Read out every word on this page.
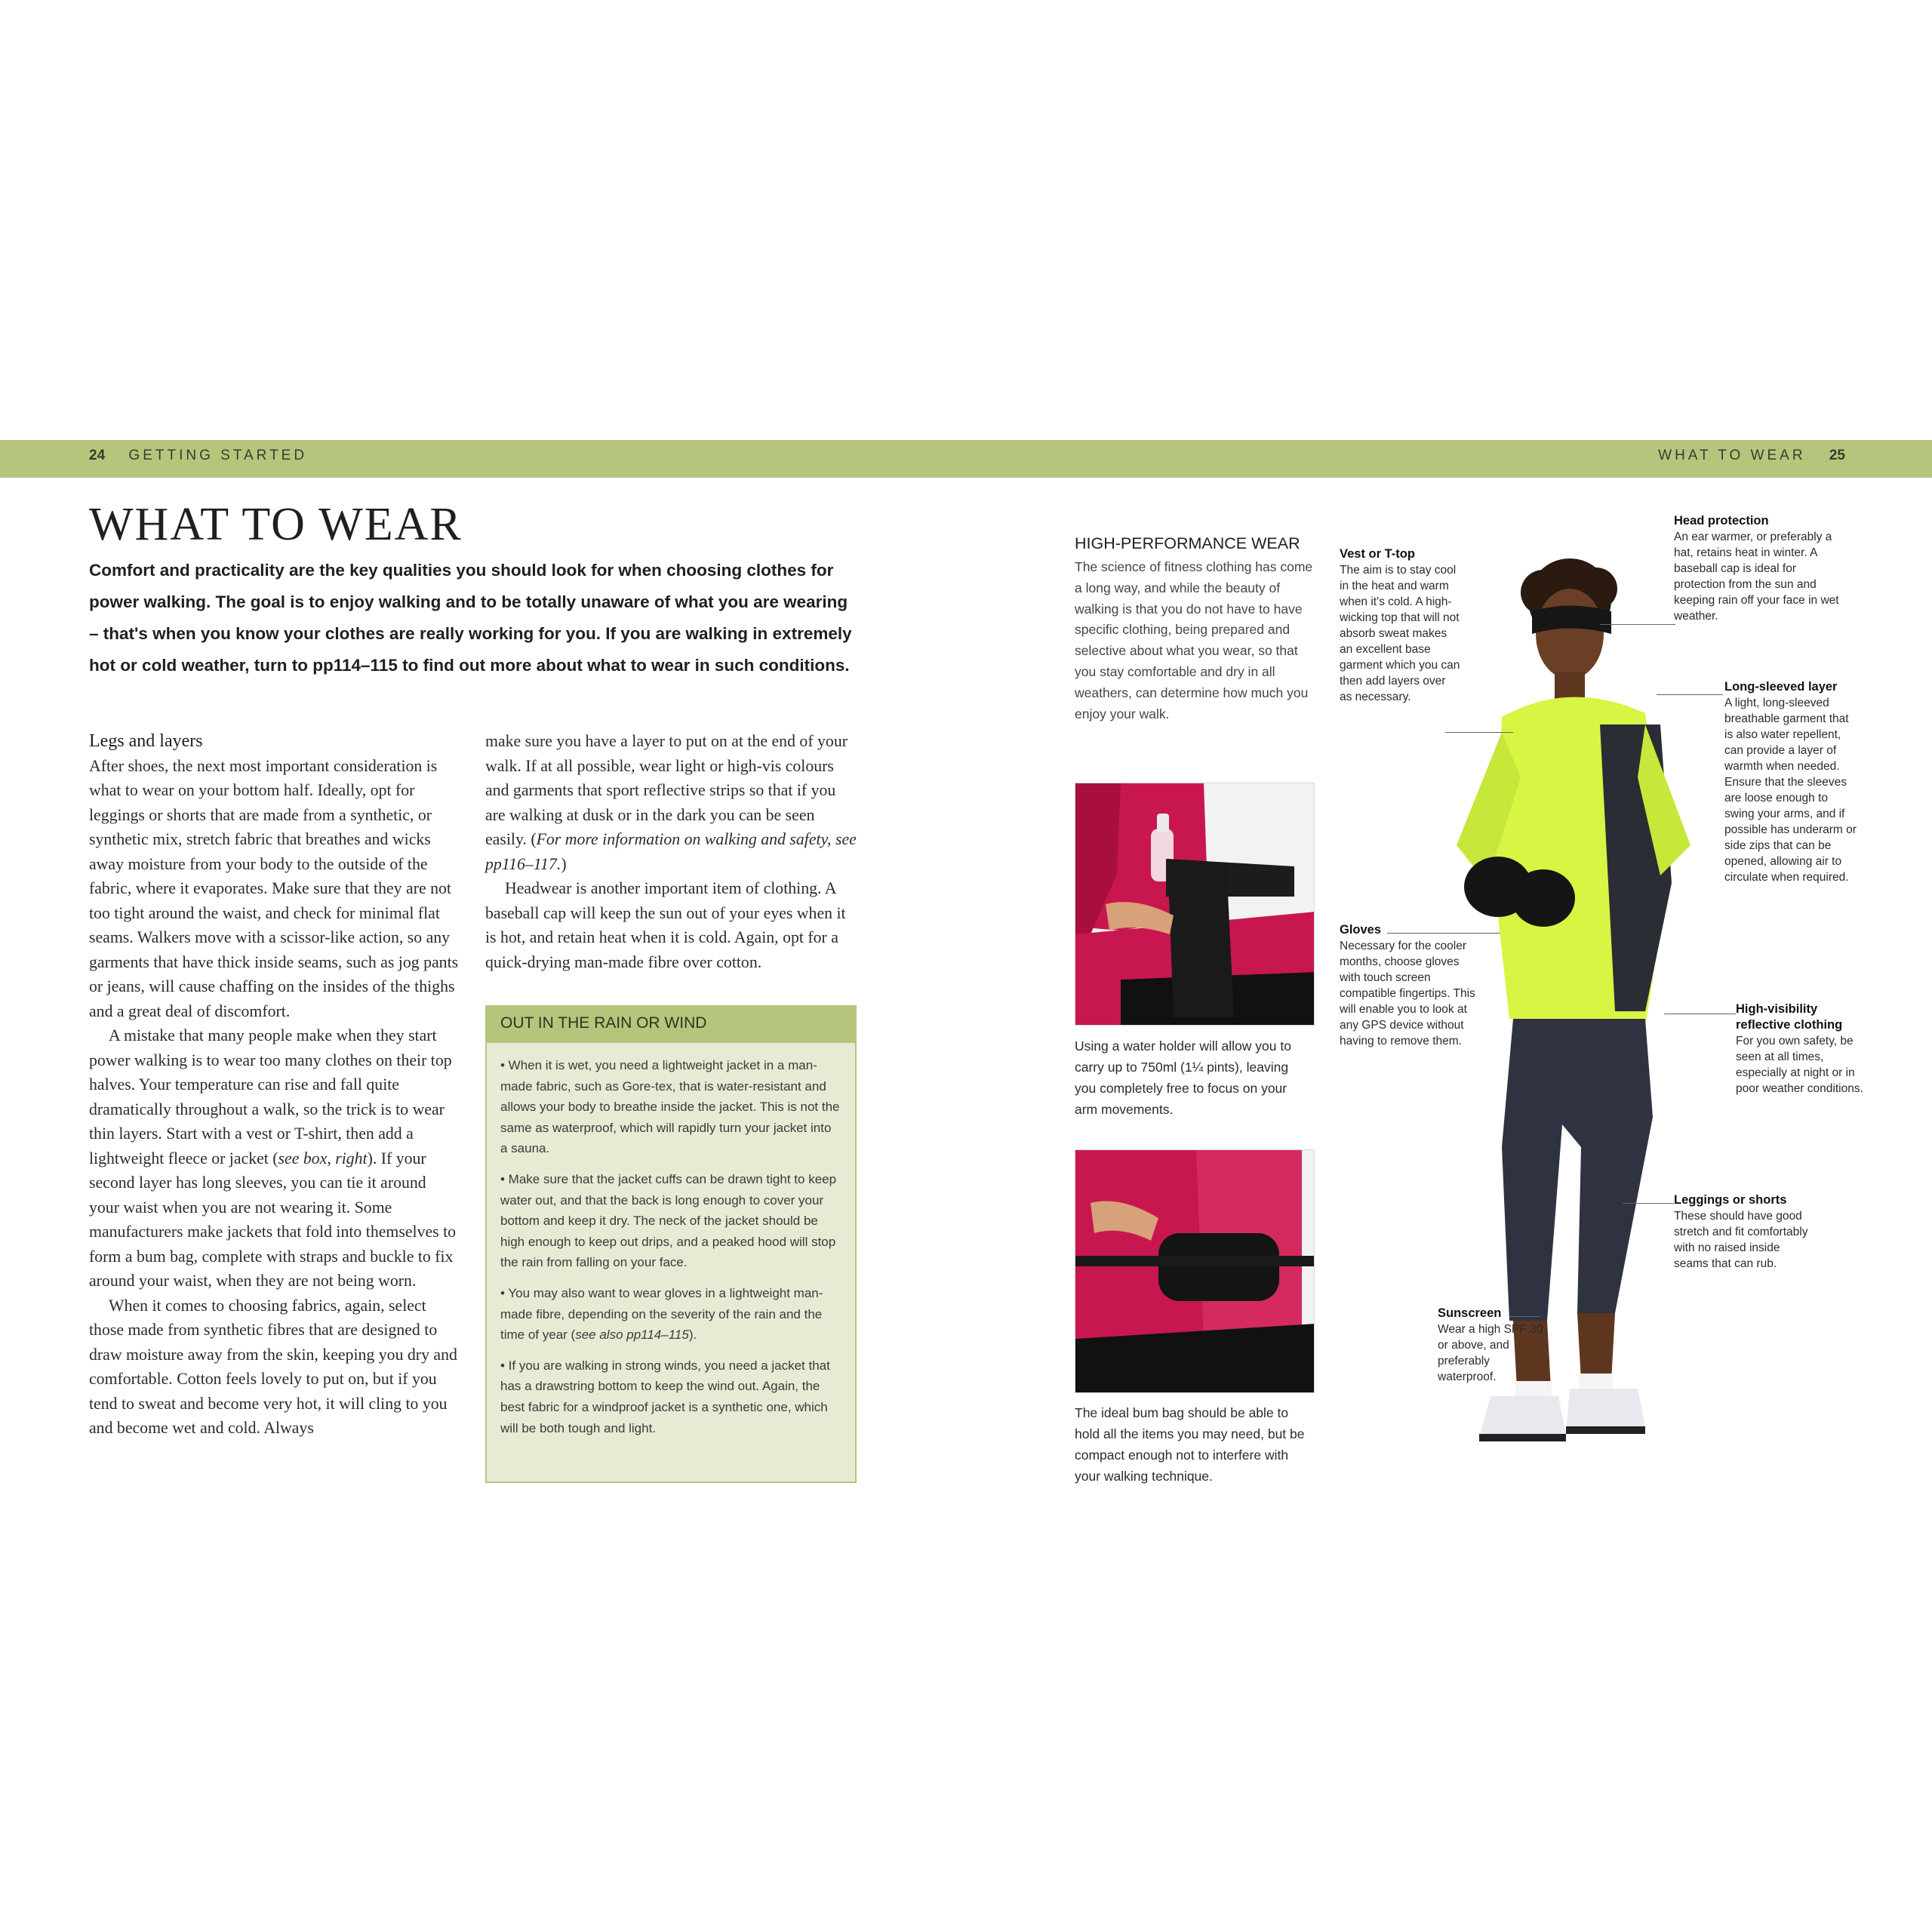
24 GETTING STARTED	WHAT TO WEAR 25
WHAT TO WEAR
Comfort and practicality are the key qualities you should look for when choosing clothes for power walking. The goal is to enjoy walking and to be totally unaware of what you are wearing – that's when you know your clothes are really working for you. If you are walking in extremely hot or cold weather, turn to pp114–115 to find out more about what to wear in such conditions.
Legs and layers

After shoes, the next most important consideration is what to wear on your bottom half. Ideally, opt for leggings or shorts that are made from a synthetic, or synthetic mix, stretch fabric that breathes and wicks away moisture from your body to the outside of the fabric, where it evaporates. Make sure that they are not too tight around the waist, and check for minimal flat seams. Walkers move with a scissor-like action, so any garments that have thick inside seams, such as jog pants or jeans, will cause chaffing on the insides of the thighs and a great deal of discomfort.

A mistake that many people make when they start power walking is to wear too many clothes on their top halves. Your temperature can rise and fall quite dramatically throughout a walk, so the trick is to wear thin layers. Start with a vest or T-shirt, then add a lightweight fleece or jacket (see box, right). If your second layer has long sleeves, you can tie it around your waist when you are not wearing it. Some manufacturers make jackets that fold into themselves to form a bum bag, complete with straps and buckle to fix around your waist, when they are not being worn.

When it comes to choosing fabrics, again, select those made from synthetic fibres that are designed to draw moisture away from the skin, keeping you dry and comfortable. Cotton feels lovely to put on, but if you tend to sweat and become very hot, it will cling to you and become wet and cold. Always

make sure you have a layer to put on at the end of your walk. If at all possible, wear light or high-vis colours and garments that sport reflective strips so that if you are walking at dusk or in the dark you can be seen easily. (For more information on walking and safety, see pp116–117.)

Headwear is another important item of clothing. A baseball cap will keep the sun out of your eyes when it is hot, and retain heat when it is cold. Again, opt for a quick-drying man-made fibre over cotton.

OUT IN THE RAIN OR WIND

• When it is wet, you need a lightweight jacket in a man-made fabric, such as Gore-tex, that is water-resistant and allows your body to breathe inside the jacket. This is not the same as waterproof, which will rapidly turn your jacket into a sauna.

• Make sure that the jacket cuffs can be drawn tight to keep water out, and that the back is long enough to cover your bottom and keep it dry. The neck of the jacket should be high enough to keep out drips, and a peaked hood will stop the rain from falling on your face.

• You may also want to wear gloves in a lightweight man-made fibre, depending on the severity of the rain and the time of year (see also pp114–115).

• If you are walking in strong winds, you need a jacket that has a drawstring bottom to keep the wind out. Again, the best fabric for a windproof jacket is a synthetic one, which will be both tough and light.

HIGH-PERFORMANCE WEAR
The science of fitness clothing has come a long way, and while the beauty of walking is that you do not have to have specific clothing, being prepared and selective about what you wear, so that you stay comfortable and dry in all weathers, can determine how much you enjoy your walk.
Using a water holder will allow you to carry up to 750ml (1¼ pints), leaving you completely free to focus on your arm movements.
The ideal bum bag should be able to hold all the items you may need, but be compact enough not to interfere with your walking technique.
Head protection
An ear warmer, or preferably a hat, retains heat in winter. A baseball cap is ideal for protection from the sun and keeping rain off your face in wet weather.
Vest or T-top
The aim is to stay cool in the heat and warm when it's cold. A high-wicking top that will not absorb sweat makes an excellent base garment which you can then add layers over as necessary.
Long-sleeved layer
A light, long-sleeved breathable garment that is also water repellent, can provide a layer of warmth when needed. Ensure that the sleeves are loose enough to swing your arms, and if possible has underarm or side zips that can be opened, allowing air to circulate when required.
Gloves
Necessary for the cooler months, choose gloves with touch screen compatible fingertips. This will enable you to look at any GPS device without having to remove them.
High-visibility reflective clothing
For you own safety, be seen at all times, especially at night or in poor weather conditions.
Leggings or shorts
These should have good stretch and fit comfortably with no raised inside seams that can rub.
Sunscreen
Wear a high SPF 30 or above, and preferably waterproof.
